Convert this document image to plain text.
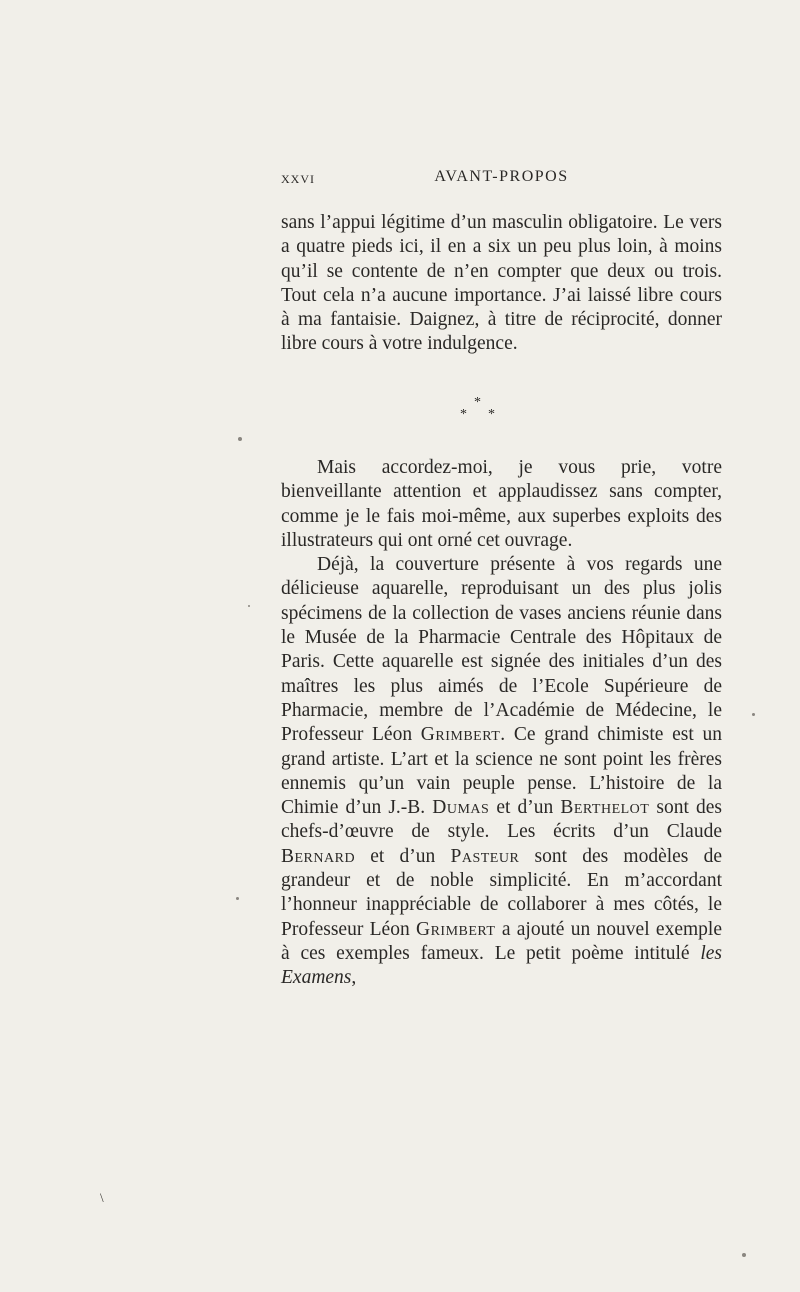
XXVI	AVANT-PROPOS

sans l’appui légitime d’un masculin obligatoire. Le vers a quatre pieds ici, il en a six un peu plus loin, à moins qu’il se contente de n’en compter que deux ou trois. Tout cela n’a aucune importance. J’ai laissé libre cours à ma fantaisie. Daignez, à titre de réciprocité, donner libre cours à votre indulgence.

*
* *

Mais accordez-moi, je vous prie, votre bienveillante attention et applaudissez sans compter, comme je le fais moi-même, aux superbes exploits des illustrateurs qui ont orné cet ouvrage.

Déjà, la couverture présente à vos regards une délicieuse aquarelle, reproduisant un des plus jolis spécimens de la collection de vases anciens réunie dans le Musée de la Pharmacie Centrale des Hôpitaux de Paris. Cette aquarelle est signée des initiales d’un des maîtres les plus aimés de l’Ecole Supérieure de Pharmacie, membre de l’Académie de Médecine, le Professeur Léon Grimbert. Ce grand chimiste est un grand artiste. L’art et la science ne sont point les frères ennemis qu’un vain peuple pense. L’histoire de la Chimie d’un J.-B. Dumas et d’un Berthelot sont des chefs-d’œuvre de style. Les écrits d’un Claude Bernard et d’un Pasteur sont des modèles de grandeur et de noble simplicité. En m’accordant l’honneur inappréciable de collaborer à mes côtés, le Professeur Léon Grimbert a ajouté un nouvel exemple à ces exemples fameux. Le petit poème intitulé les Examens,

\
